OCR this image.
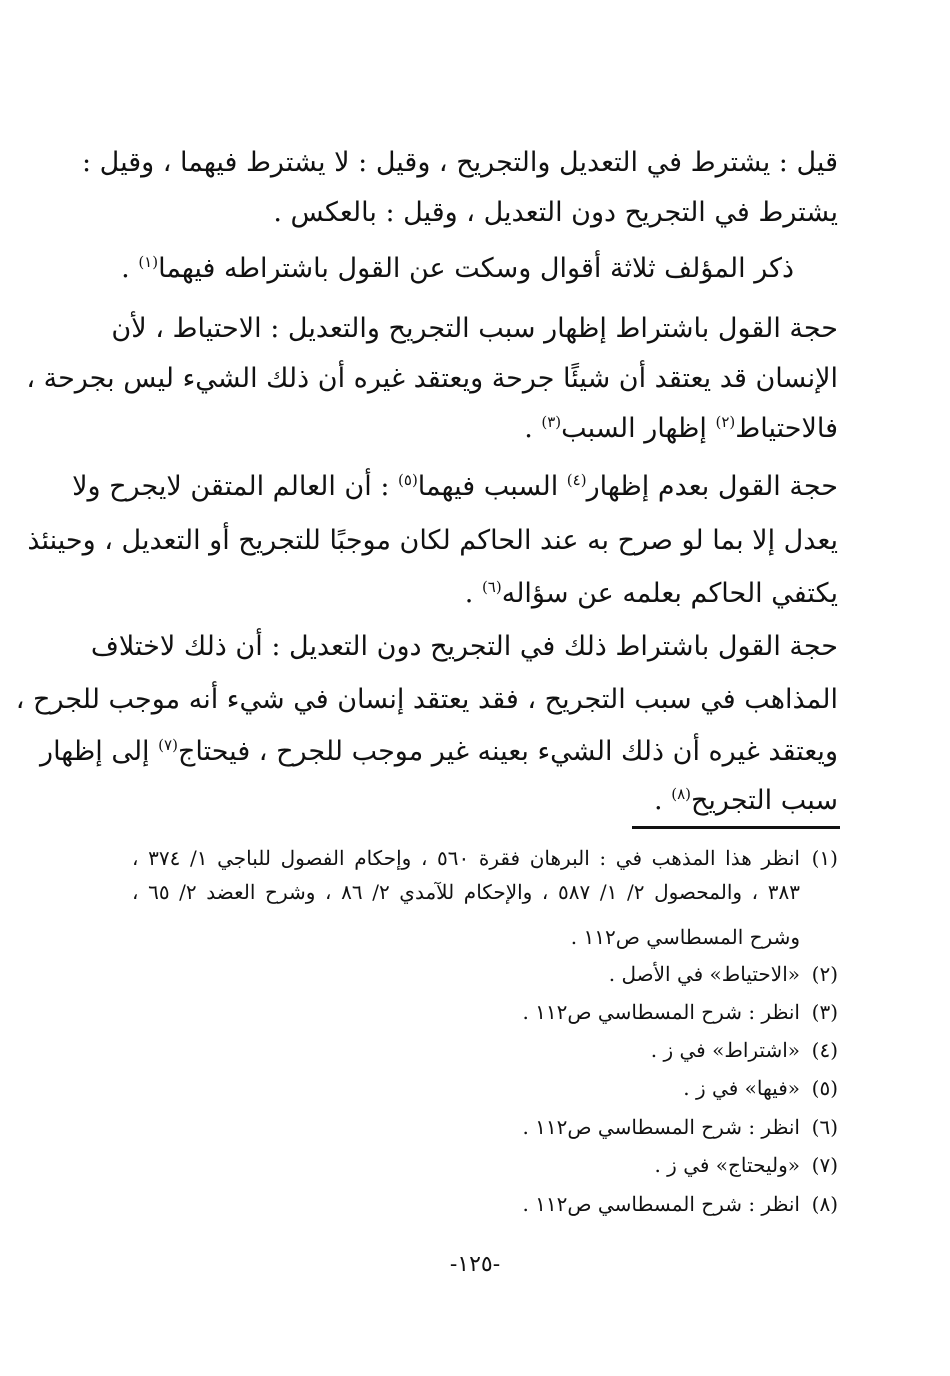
قيل : يشترط في التعديل والتجريح ، وقيل : لا يشترط فيهما ، وقيل :
يشترط في التجريح دون التعديل ، وقيل : بالعكس .
ذكر المؤلف ثلاثة أقوال وسكت عن القول باشتراطه فيهما$^{(١)}$ .
حجة القول باشتراط إظهار سبب التجريح والتعديل : الاحتياط ، لأن
الإنسان قد يعتقد أن شيئًا جرحة ويعتقد غيره أن ذلك الشيء ليس بجرحة ،
فالاحتياط$^{(٢)}$ إظهار السبب$^{(٣)}$ .
حجة القول بعدم إظهار$^{(٤)}$ السبب فيهما$^{(٥)}$ : أن العالم المتقن لايجرح ولا
يعدل إلا بما لو صرح به عند الحاكم لكان موجبًا للتجريح أو التعديل ، وحينئذ
يكتفي الحاكم بعلمه عن سؤاله$^{(٦)}$ .
حجة القول باشتراط ذلك في التجريح دون التعديل : أن ذلك لاختلاف
المذاهب في سبب التجريح ، فقد يعتقد إنسان في شيء أنه موجب للجرح ،
ويعتقد غيره أن ذلك الشيء بعينه غير موجب للجرح ، فيحتاج$^{(٧)}$ إلى إظهار
سبب التجريح$^{(٨)}$ .
(١)انظر هذا المذهب في : البرهان فقرة ٥٦٠ ، وإحكام الفصول للباجي ١/ ٣٧٤ ،
٣٨٣ ، والمحصول ٢/ ١/ ٥٨٧ ، والإحكام للآمدي ٢/ ٨٦ ، وشرح العضد ٢/ ٦٥ ،
وشرح المسطاسي ص١١٢ .
(٢)«الاحتياط» في الأصل .
(٣)انظر : شرح المسطاسي ص١١٢ .
(٤)«اشتراط» في ز .
(٥)«فيها» في ز .
(٦)انظر : شرح المسطاسي ص١١٢ .
(٧)«وليحتاج» في ز .
(٨)انظر : شرح المسطاسي ص١١٢ .
-١٢٥-
